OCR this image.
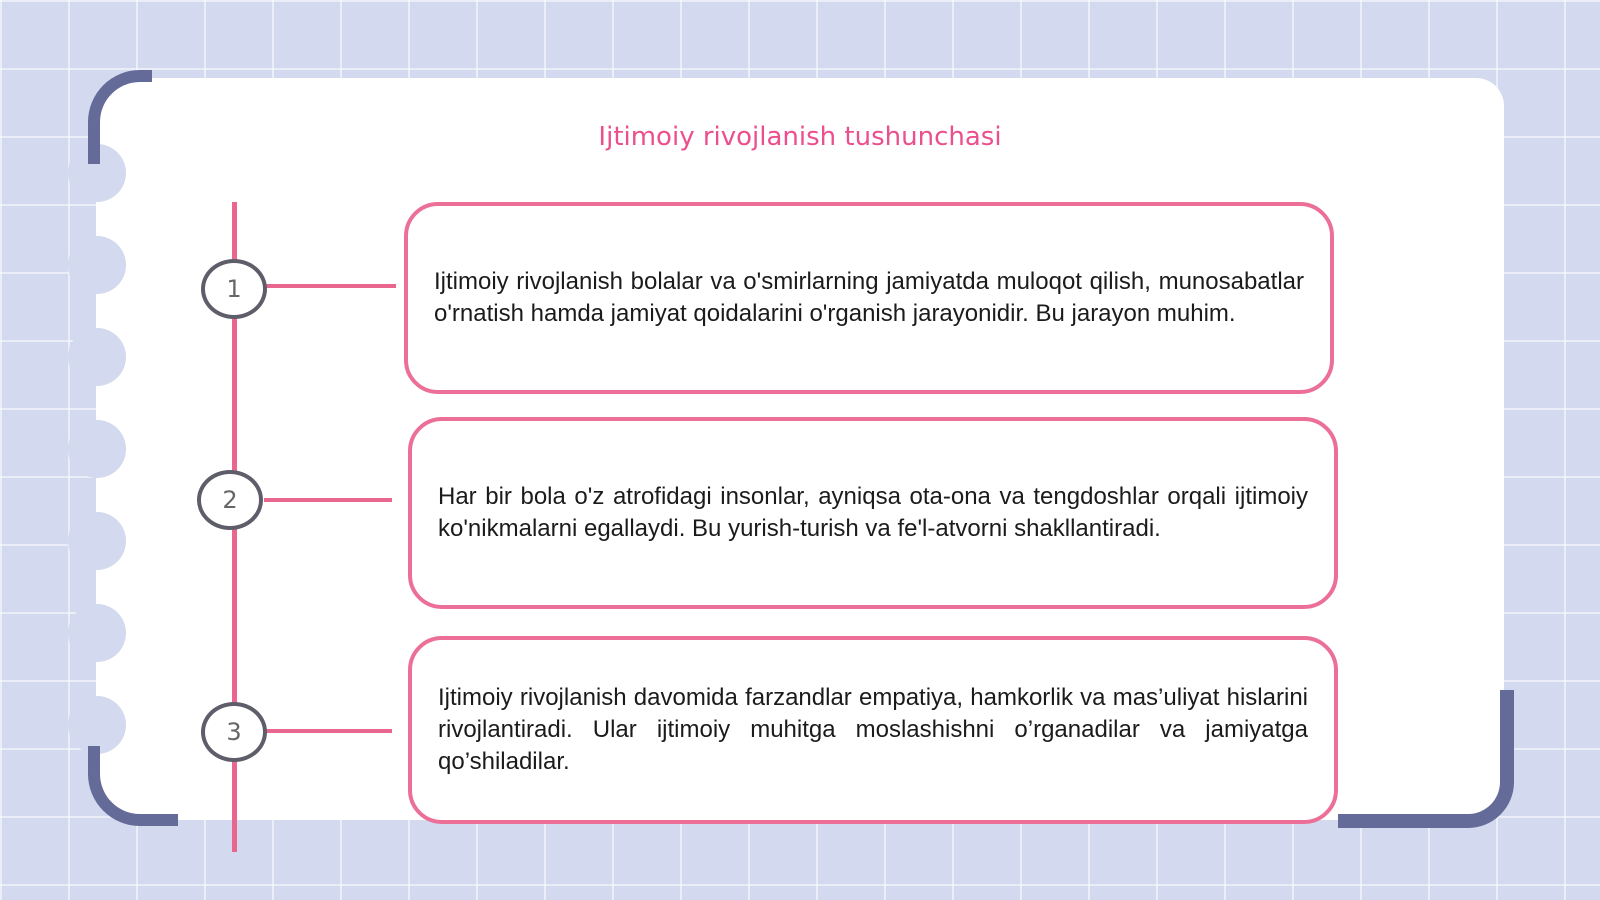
Ijtimoiy rivojlanish tushunchasi
1
2
3

Ijtimoiy rivojlanish bolalar va o'smirlarning jamiyatda muloqot qilish, munosabatlar o'rnatish hamda jamiyat qoidalarini o'rganish jarayonidir. Bu jarayon muhim.

Har bir bola o'z atrofidagi insonlar, ayniqsa ota-ona va tengdoshlar orqali ijtimoiy ko'nikmalarni egallaydi. Bu yurish-turish va fe'l-atvorni shakllantiradi.

Ijtimoiy rivojlanish davomida farzandlar empatiya, hamkorlik va mas’uliyat hislarini rivojlantiradi. Ular ijtimoiy muhitga moslashishni o’rganadilar va jamiyatga qo’shiladilar.
